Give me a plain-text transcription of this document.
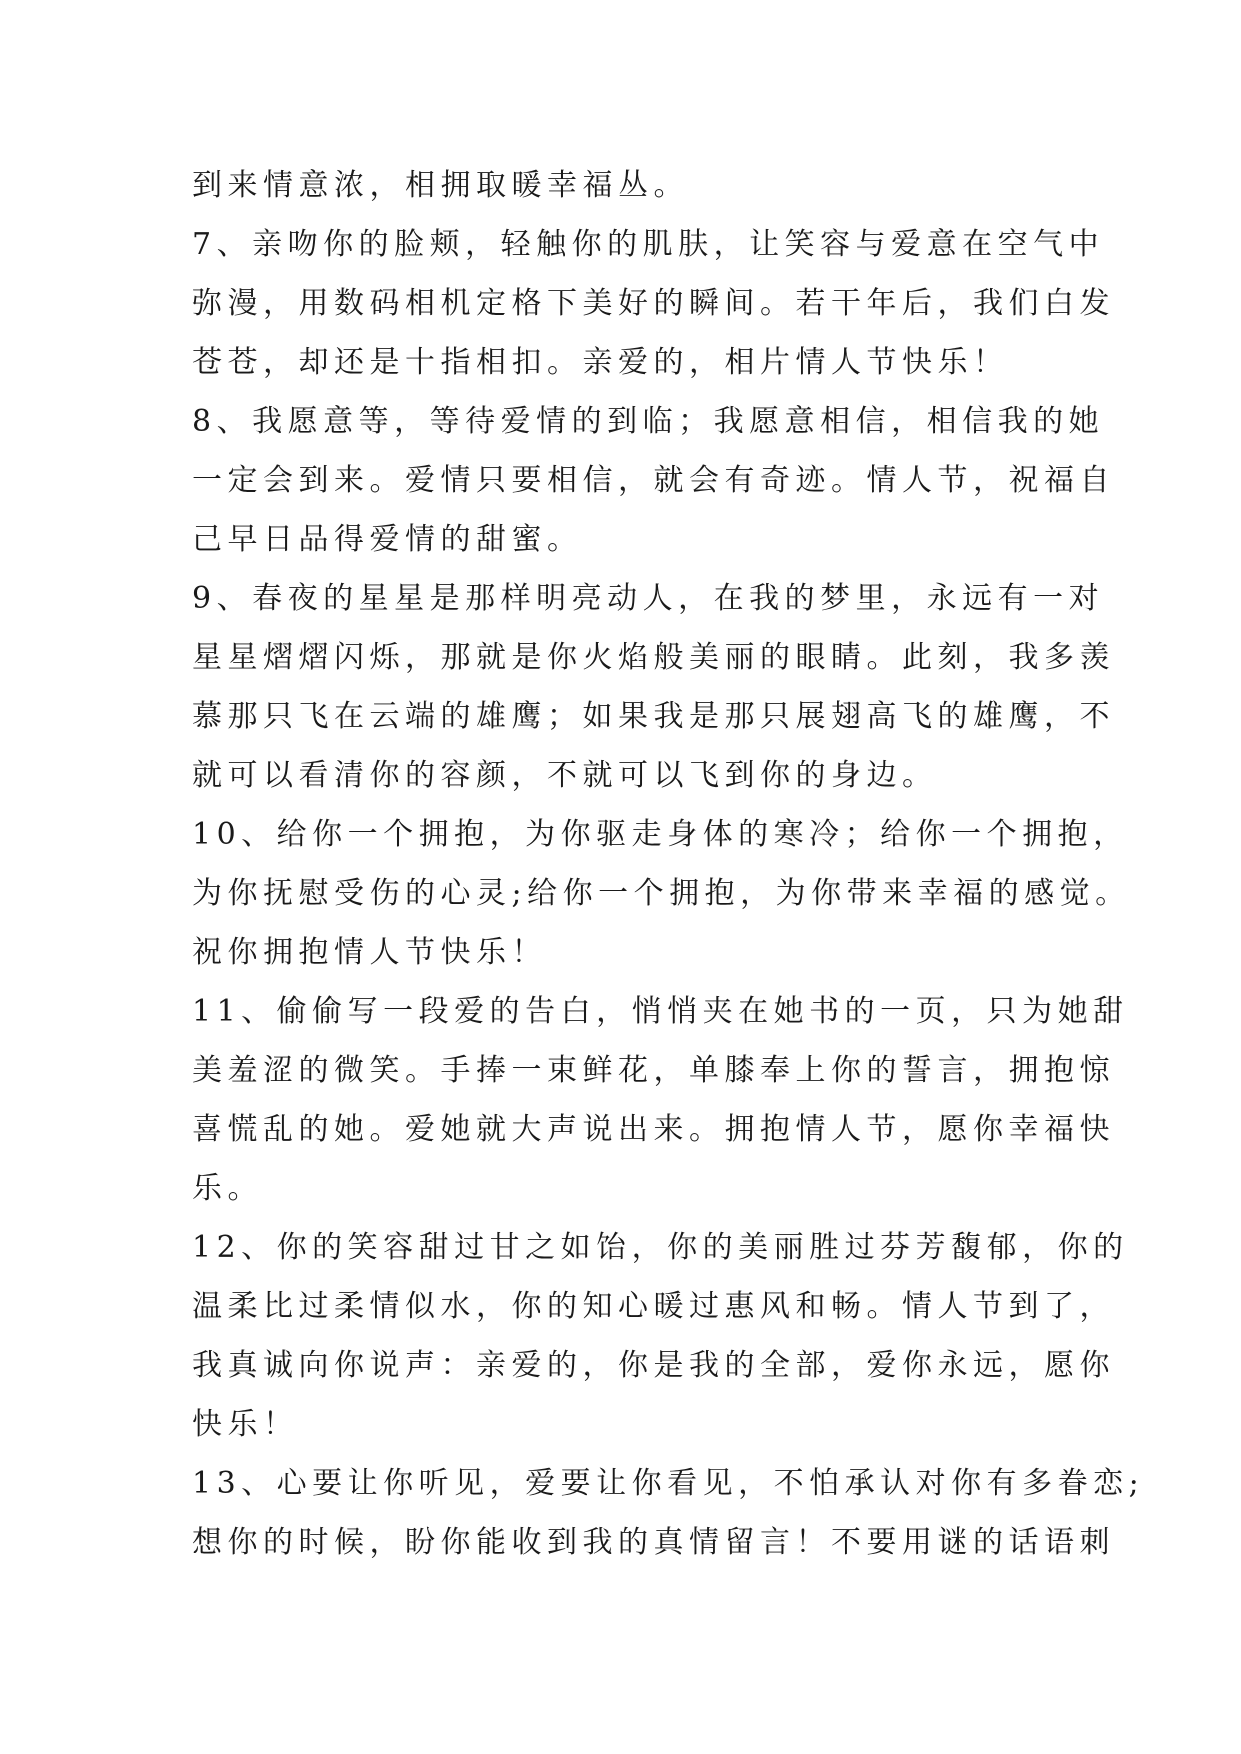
到来情意浓，相拥取暖幸福丛。

7、亲吻你的脸颊，轻触你的肌肤，让笑容与爱意在空气中

弥漫，用数码相机定格下美好的瞬间。若干年后，我们白发

苍苍，却还是十指相扣。亲爱的，相片情人节快乐！

8、我愿意等，等待爱情的到临；我愿意相信，相信我的她

一定会到来。爱情只要相信，就会有奇迹。情人节，祝福自

己早日品得爱情的甜蜜。

9、春夜的星星是那样明亮动人，在我的梦里，永远有一对

星星熠熠闪烁，那就是你火焰般美丽的眼睛。此刻，我多羡

慕那只飞在云端的雄鹰；如果我是那只展翅高飞的雄鹰，不

就可以看清你的容颜，不就可以飞到你的身边。

10、给你一个拥抱，为你驱走身体的寒冷；给你一个拥抱，

为你抚慰受伤的心灵;给你一个拥抱，为你带来幸福的感觉。

祝你拥抱情人节快乐！

11、偷偷写一段爱的告白，悄悄夹在她书的一页，只为她甜

美羞涩的微笑。手捧一束鲜花，单膝奉上你的誓言，拥抱惊

喜慌乱的她。爱她就大声说出来。拥抱情人节，愿你幸福快

乐。

12、你的笑容甜过甘之如饴，你的美丽胜过芬芳馥郁，你的

温柔比过柔情似水，你的知心暖过惠风和畅。情人节到了，

我真诚向你说声：亲爱的，你是我的全部，爱你永远，愿你

快乐！

13、心要让你听见，爱要让你看见，不怕承认对你有多眷恋;

想你的时候，盼你能收到我的真情留言！不要用谜的话语刺
